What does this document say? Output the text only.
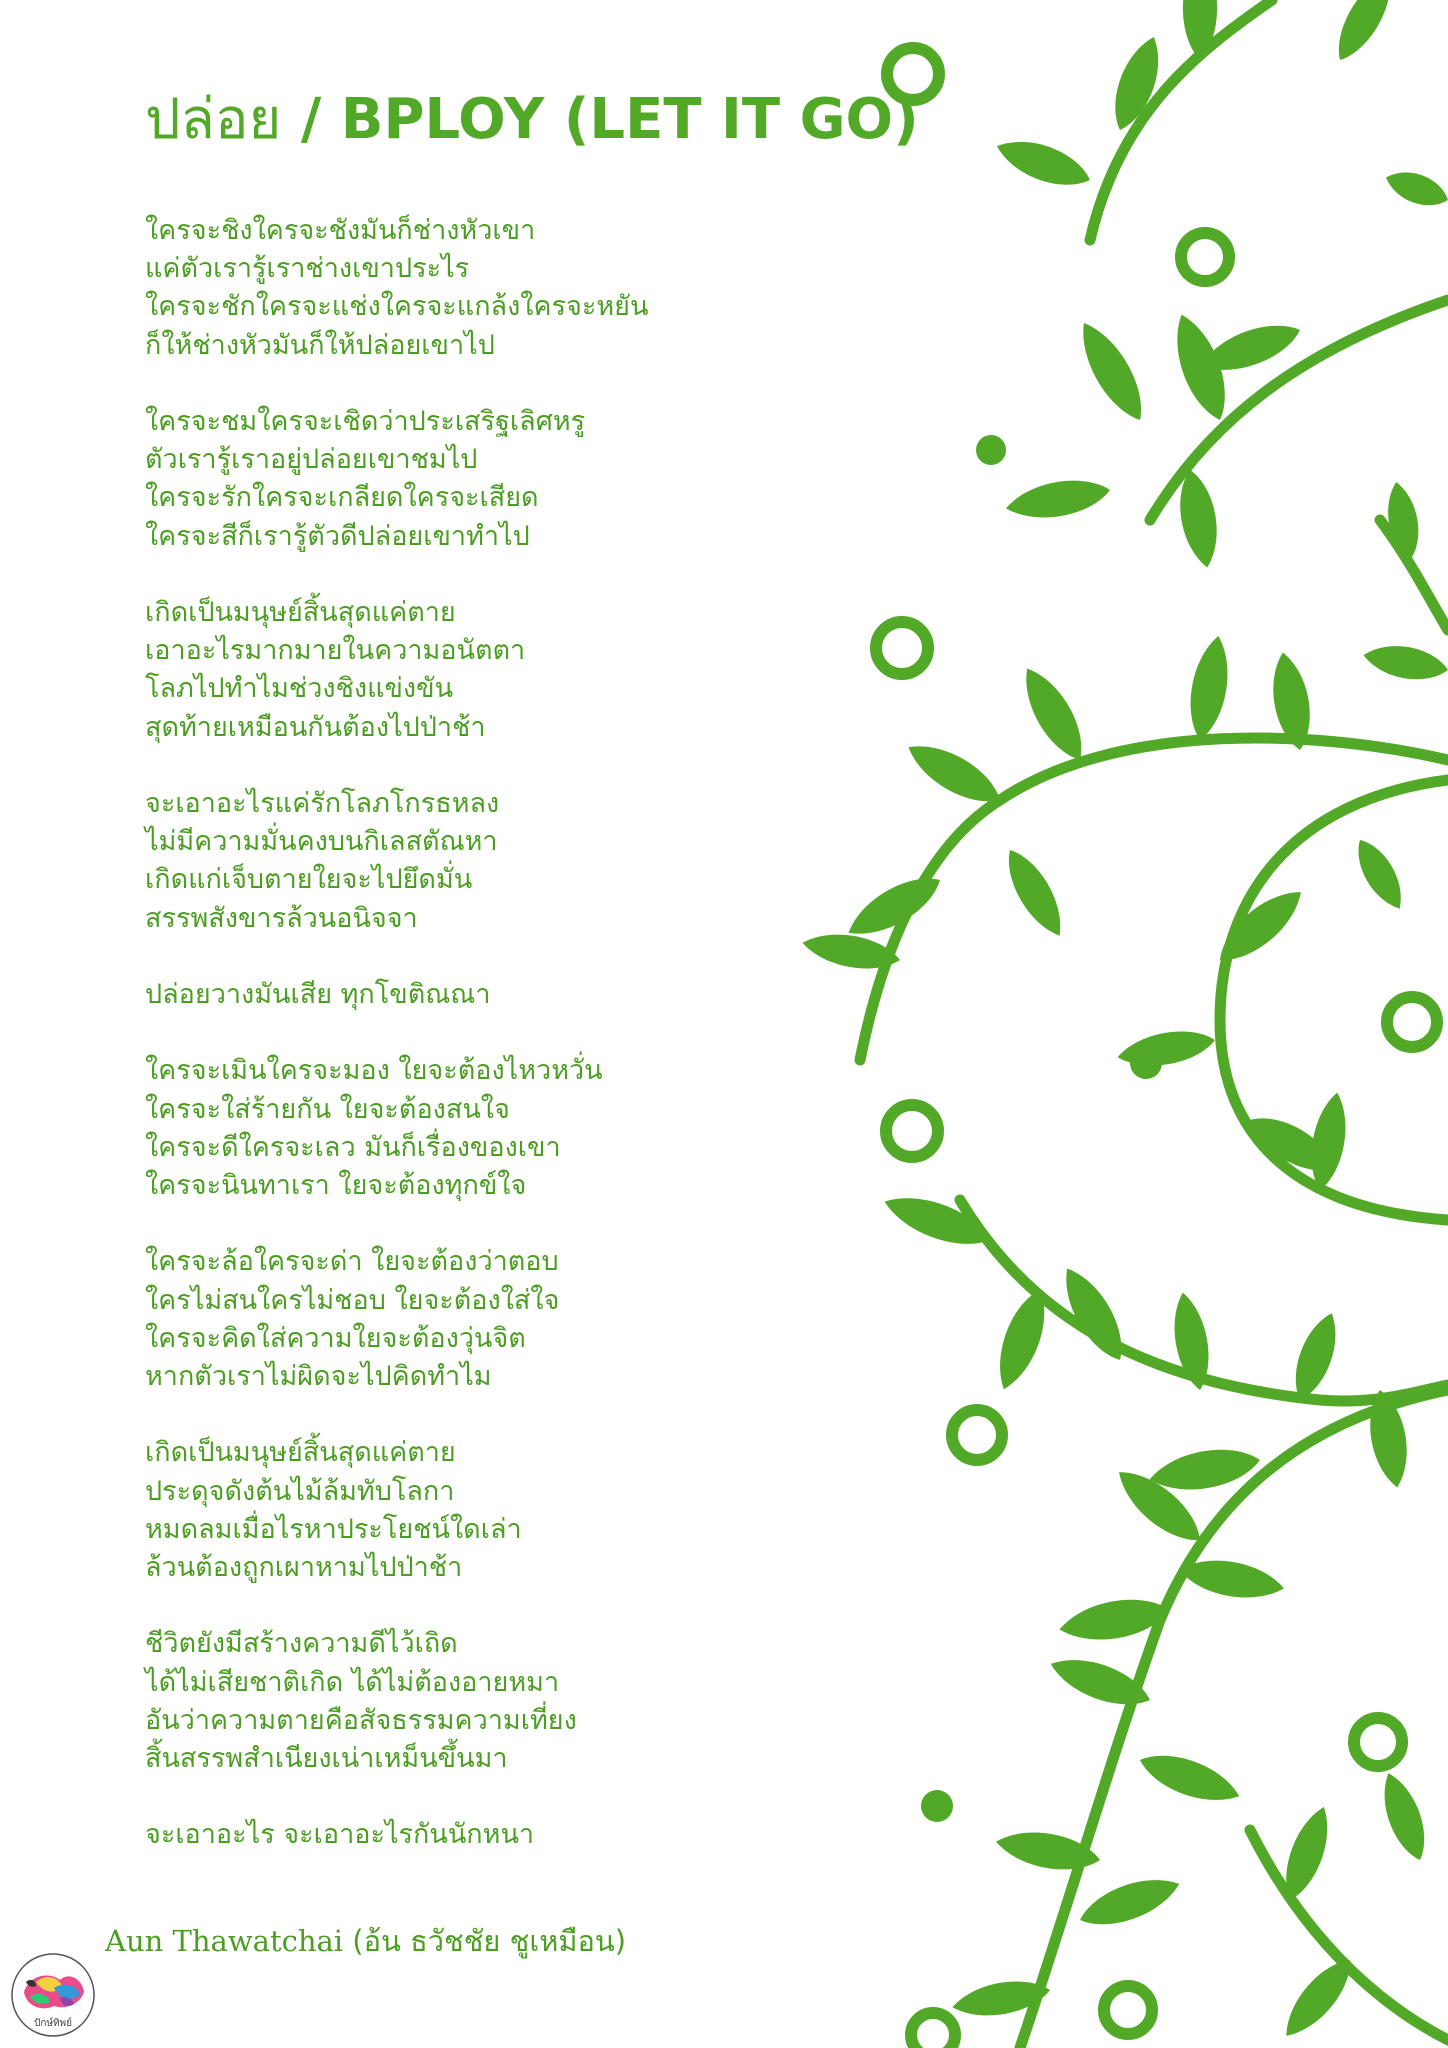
ปล่อย / BPLOY (LET IT GO)
ใครจะชิงใครจะชังมันก็ช่างหัวเขา
แค่ตัวเรารู้เราช่างเขาประไร
ใครจะชักใครจะแช่งใครจะแกล้งใครจะหยัน
ก็ให้ช่างหัวมันก็ให้ปล่อยเขาไป
ใครจะชมใครจะเชิดว่าประเสริฐเลิศหรู
ตัวเรารู้เราอยู่ปล่อยเขาชมไป
ใครจะรักใครจะเกลียดใครจะเสียด
ใครจะสีก็เรารู้ตัวดีปล่อยเขาทำไป
เกิดเป็นมนุษย์สิ้นสุดแค่ตาย
เอาอะไรมากมายในความอนัตตา
โลภไปทำไมช่วงชิงแข่งขัน
สุดท้ายเหมือนกันต้องไปป่าช้า
จะเอาอะไรแค่รักโลภโกรธหลง
ไม่มีความมั่นคงบนกิเลสตัณหา
เกิดแก่เจ็บตายใยจะไปยึดมั่น
สรรพสังขารล้วนอนิจจา
ปล่อยวางมันเสีย ทุกโขติณณา
ใครจะเมินใครจะมอง ใยจะต้องไหวหวั่น
ใครจะใส่ร้ายกัน ใยจะต้องสนใจ
ใครจะดีใครจะเลว มันก็เรื่องของเขา
ใครจะนินทาเรา ใยจะต้องทุกข์ใจ
ใครจะล้อใครจะด่า ใยจะต้องว่าตอบ
ใครไม่สนใครไม่ชอบ ใยจะต้องใส่ใจ
ใครจะคิดใส่ความใยจะต้องวุ่นจิต
หากตัวเราไม่ผิดจะไปคิดทำไม
เกิดเป็นมนุษย์สิ้นสุดแค่ตาย
ประดุจดังต้นไม้ล้มทับโลกา
หมดลมเมื่อไรหาประโยชน์ใดเล่า
ล้วนต้องถูกเผาหามไปป่าช้า
ชีวิตยังมีสร้างความดีไว้เถิด
ได้ไม่เสียชาติเกิด ได้ไม่ต้องอายหมา
อันว่าความตายคือสัจธรรมความเที่ยง
สิ้นสรรพสำเนียงเน่าเหม็นขึ้นมา
จะเอาอะไร จะเอาอะไรกันนักหนา
Aun Thawatchai (อ้น ธวัชชัย ชูเหมือน)
ปักษ์ทิพย์
